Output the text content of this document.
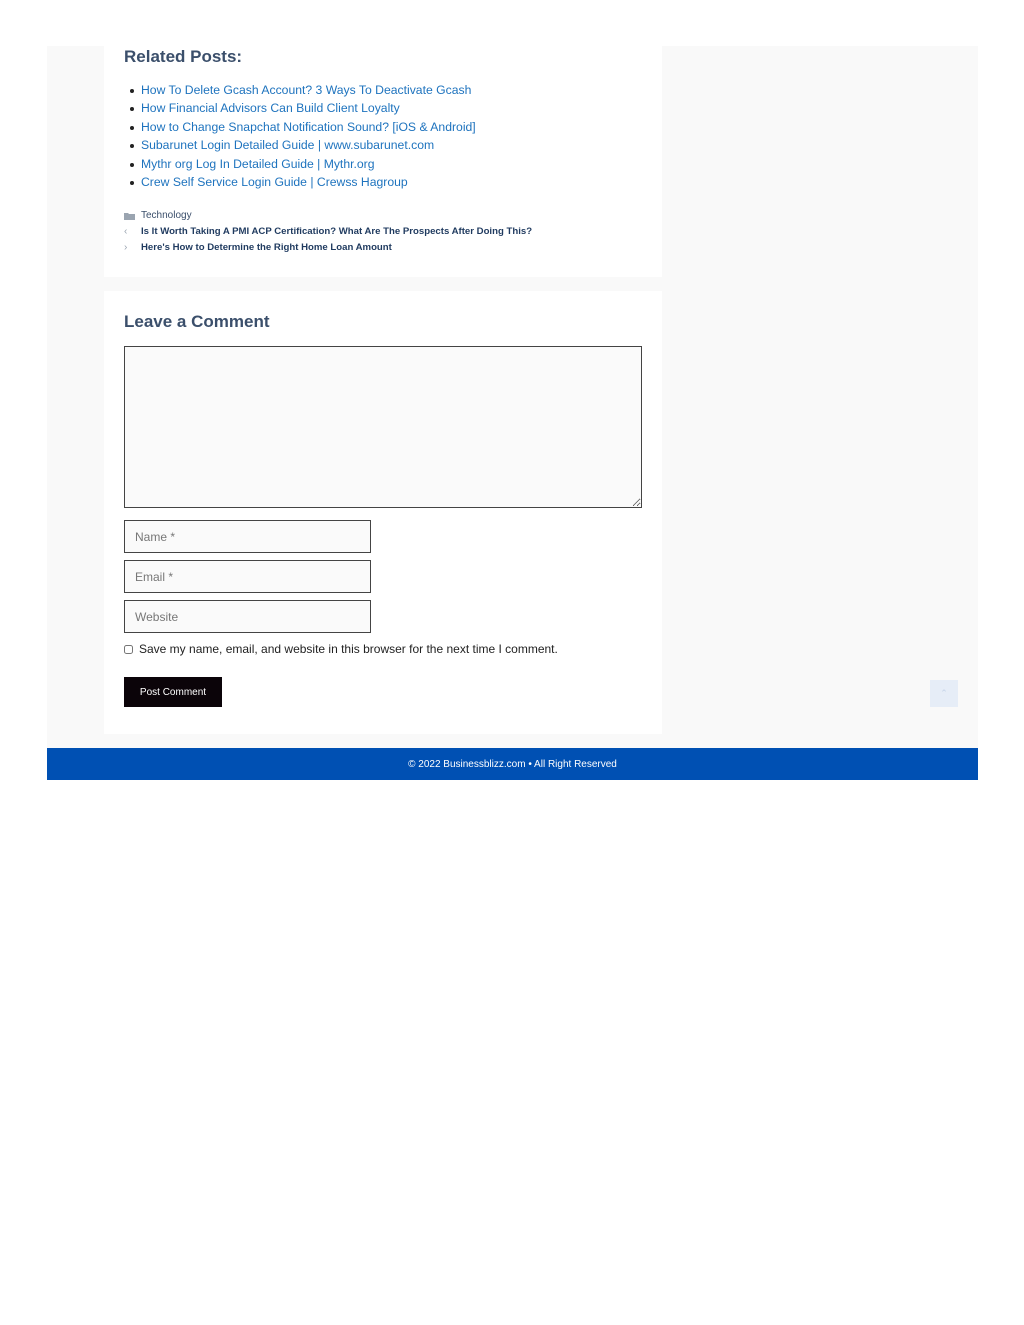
Related Posts:
How To Delete Gcash Account? 3 Ways To Deactivate Gcash
How Financial Advisors Can Build Client Loyalty
How to Change Snapchat Notification Sound? [iOS & Android]
Subarunet Login Detailed Guide | www.subarunet.com
Mythr org Log In Detailed Guide | Mythr.org
Crew Self Service Login Guide | Crewss Hagroup
Technology
‹	Is It Worth Taking A PMI ACP Certification? What Are The Prospects After Doing This?
›	Here's How to Determine the Right Home Loan Amount
Leave a Comment
Name *
Email *
Website
Save my name, email, and website in this browser for the next time I comment.
Post Comment	⌃
© 2022 Businessblizz.com • All Right Reserved
